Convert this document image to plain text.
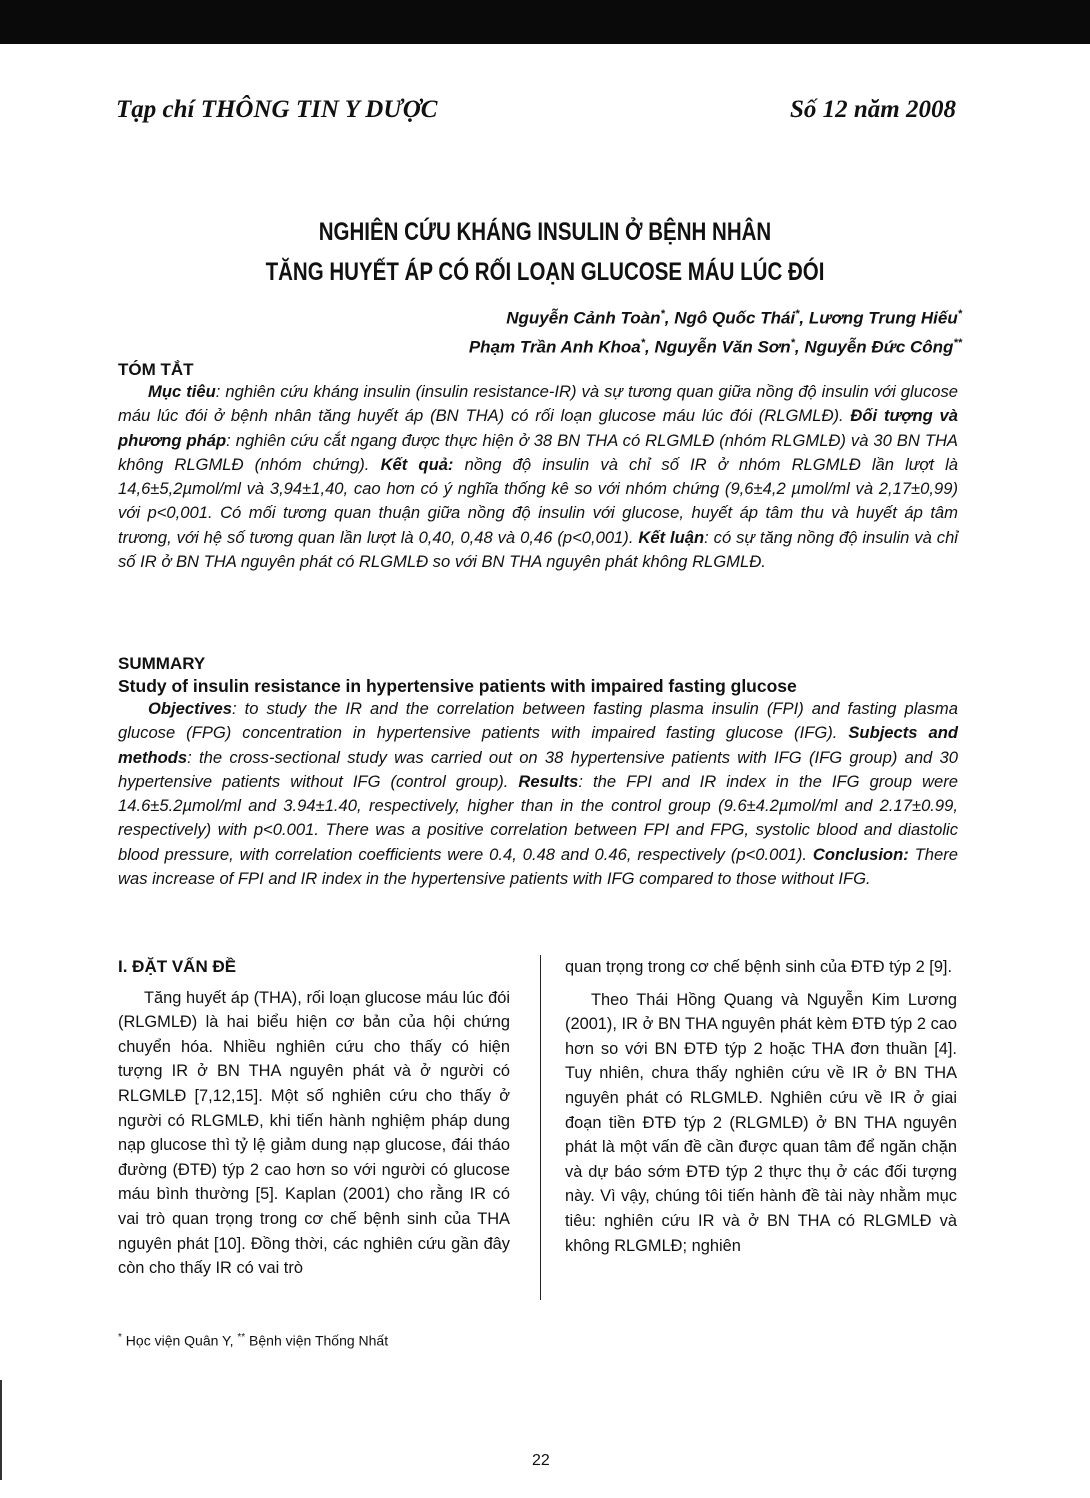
Tạp chí THÔNG TIN Y DƯỢC	Số 12 năm 2008
NGHIÊN CỨU KHÁNG INSULIN Ở BỆNH NHÂN
TĂNG HUYẾT ÁP CÓ RỐI LOẠN GLUCOSE MÁU LÚC ĐÓI
Nguyễn Cảnh Toàn*, Ngô Quốc Thái*, Lương Trung Hiếu*
Phạm Trần Anh Khoa*, Nguyễn Văn Sơn*, Nguyễn Đức Công**
TÓM TẮT

Mục tiêu: nghiên cứu kháng insulin (insulin resistance-IR) và sự tương quan giữa nồng độ insulin với glucose máu lúc đói ở bệnh nhân tăng huyết áp (BN THA) có rối loạn glucose máu lúc đói (RLGMLĐ). Đối tượng và phương pháp: nghiên cứu cắt ngang được thực hiện ở 38 BN THA có RLGMLĐ (nhóm RLGMLĐ) và 30 BN THA không RLGMLĐ (nhóm chứng). Kết quả: nồng độ insulin và chỉ số IR ở nhóm RLGMLĐ lần lượt là 14,6±5,2µmol/ml và 3,94±1,40, cao hơn có ý nghĩa thống kê so với nhóm chứng (9,6±4,2 µmol/ml và 2,17±0,99) với p<0,001. Có mối tương quan thuận giữa nồng độ insulin với glucose, huyết áp tâm thu và huyết áp tâm trương, với hệ số tương quan lần lượt là 0,40, 0,48 và 0,46 (p<0,001). Kết luận: có sự tăng nồng độ insulin và chỉ số IR ở BN THA nguyên phát có RLGMLĐ so với BN THA nguyên phát không RLGMLĐ.

SUMMARY
Study of insulin resistance in hypertensive patients with impaired fasting glucose

Objectives: to study the IR and the correlation between fasting plasma insulin (FPI) and fasting plasma glucose (FPG) concentration in hypertensive patients with impaired fasting glucose (IFG). Subjects and methods: the cross-sectional study was carried out on 38 hypertensive patients with IFG (IFG group) and 30 hypertensive patients without IFG (control group). Results: the FPI and IR index in the IFG group were 14.6±5.2µmol/ml and 3.94±1.40, respectively, higher than in the control group (9.6±4.2µmol/ml and 2.17±0.99, respectively) with p<0.001. There was a positive correlation between FPI and FPG, systolic blood and diastolic blood pressure, with correlation coefficients were 0.4, 0.48 and 0.46, respectively (p<0.001). Conclusion: There was increase of FPI and IR index in the hypertensive patients with IFG compared to those without IFG.

I. ĐẶT VẤN ĐỀ

Tăng huyết áp (THA), rối loạn glucose máu lúc đói (RLGMLĐ) là hai biểu hiện cơ bản của hội chứng chuyển hóa. Nhiều nghiên cứu cho thấy có hiện tượng IR ở BN THA nguyên phát và ở người có RLGMLĐ [7,12,15]. Một số nghiên cứu cho thấy ở người có RLGMLĐ, khi tiến hành nghiệm pháp dung nạp glucose thì tỷ lệ giảm dung nạp glucose, đái tháo đường (ĐTĐ) týp 2 cao hơn so với người có glucose máu bình thường [5]. Kaplan (2001) cho rằng IR có vai trò quan trọng trong cơ chế bệnh sinh của THA nguyên phát [10]. Đồng thời, các nghiên cứu gần đây còn cho thấy IR có vai trò

quan trọng trong cơ chế bệnh sinh của ĐTĐ týp 2 [9].

Theo Thái Hồng Quang và Nguyễn Kim Lương (2001), IR ở BN THA nguyên phát kèm ĐTĐ týp 2 cao hơn so với BN ĐTĐ týp 2 hoặc THA đơn thuần [4]. Tuy nhiên, chưa thấy nghiên cứu về IR ở BN THA nguyên phát có RLGMLĐ. Nghiên cứu về IR ở giai đoạn tiền ĐTĐ týp 2 (RLGMLĐ) ở BN THA nguyên phát là một vấn đề cần được quan tâm để ngăn chặn và dự báo sớm ĐTĐ týp 2 thực thụ ở các đối tượng này. Vì vậy, chúng tôi tiến hành đề tài này nhằm mục tiêu: nghiên cứu IR và ở BN THA có RLGMLĐ và không RLGMLĐ; nghiên

* Học viện Quân Y, ** Bệnh viện Thống Nhất
22
